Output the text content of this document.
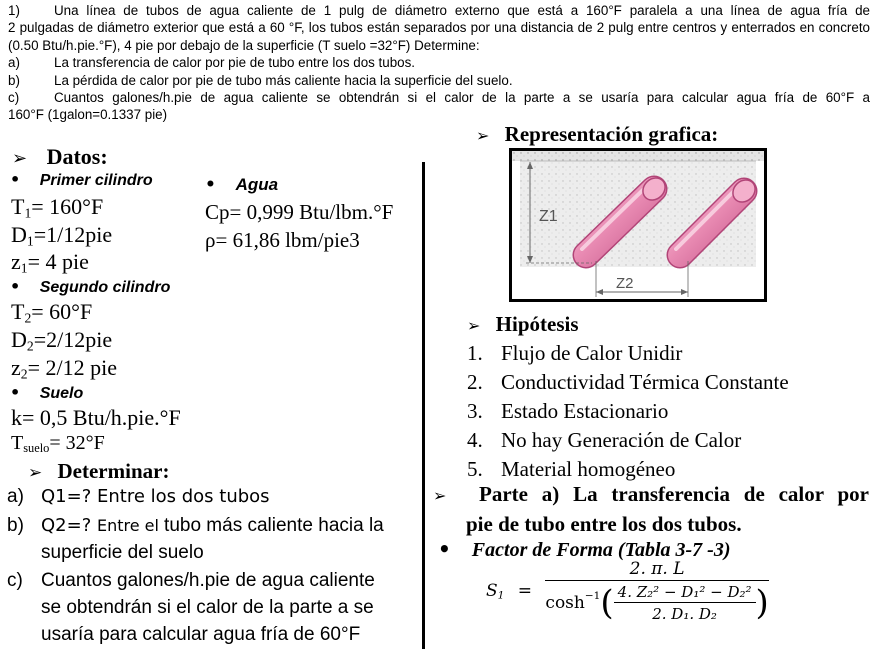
1)	Una línea de tubos de agua caliente de 1 pulg de diámetro externo que está a 160°F paralela a una línea de agua fría de
2 pulgadas de diámetro exterior que está a 60 °F, los tubos están separados por una distancia de 2 pulg entre centros y enterrados en concreto (0.50 Btu/h.pie.°F), 4 pie por debajo de la superficie (T suelo =32°F) Determine:
a)	La transferencia de calor por pie de tubo entre los dos tubos.
b)	La pérdida de calor por pie de tubo más caliente hacia la superficie del suelo.
c)	Cuantos galones/h.pie de agua caliente se obtendrán si el calor de la parte a se usaría para calcular agua fría de 60°F a
160°F (1galon=0.1337 pie)
➢ Datos:
• Primer cilindro
$T_1= 160^\circ F$
$D_1=1/12pie$
$z_1= 4$ pie
• Segundo cilindro
$T_2= 60^\circ F$
$D_2=2/12pie$
$z_2= 2/12$ pie
• Suelo
k= 0,5 Btu/h.pie.°F
$T_{suelo}= 32^\circ F$
• Agua
Cp= 0,999 Btu/lbm.°F
ρ= 61,86 lbm/pie3
➢ Determinar:
a) Q1=? Entre los dos tubos
b) Q2=? Entre el tubo más caliente hacia la
superficie del suelo
c) Cuantos galones/h.pie de agua caliente
se obtendrán si el calor de la parte a se
usaría para calcular agua fría de 60°F
➢ Representación grafica:
Z1
Z2
➢ Hipótesis
1. Flujo de Calor Unidir
2. Conductividad Térmica Constante
3. Estado Estacionario
4. No hay Generación de Calor
5. Material homogéneo
➢ Parte a) La transferencia de calor por
pie de tubo entre los dos tubos.
• Factor de Forma (Tabla 3-7 -3)
$S_1 = \frac{2. \pi. L}{\cosh^{-1}( \frac{\text{4. Z₂² − D₁² − D₂²}}{\text{2. D₁. D₂}} )}$
